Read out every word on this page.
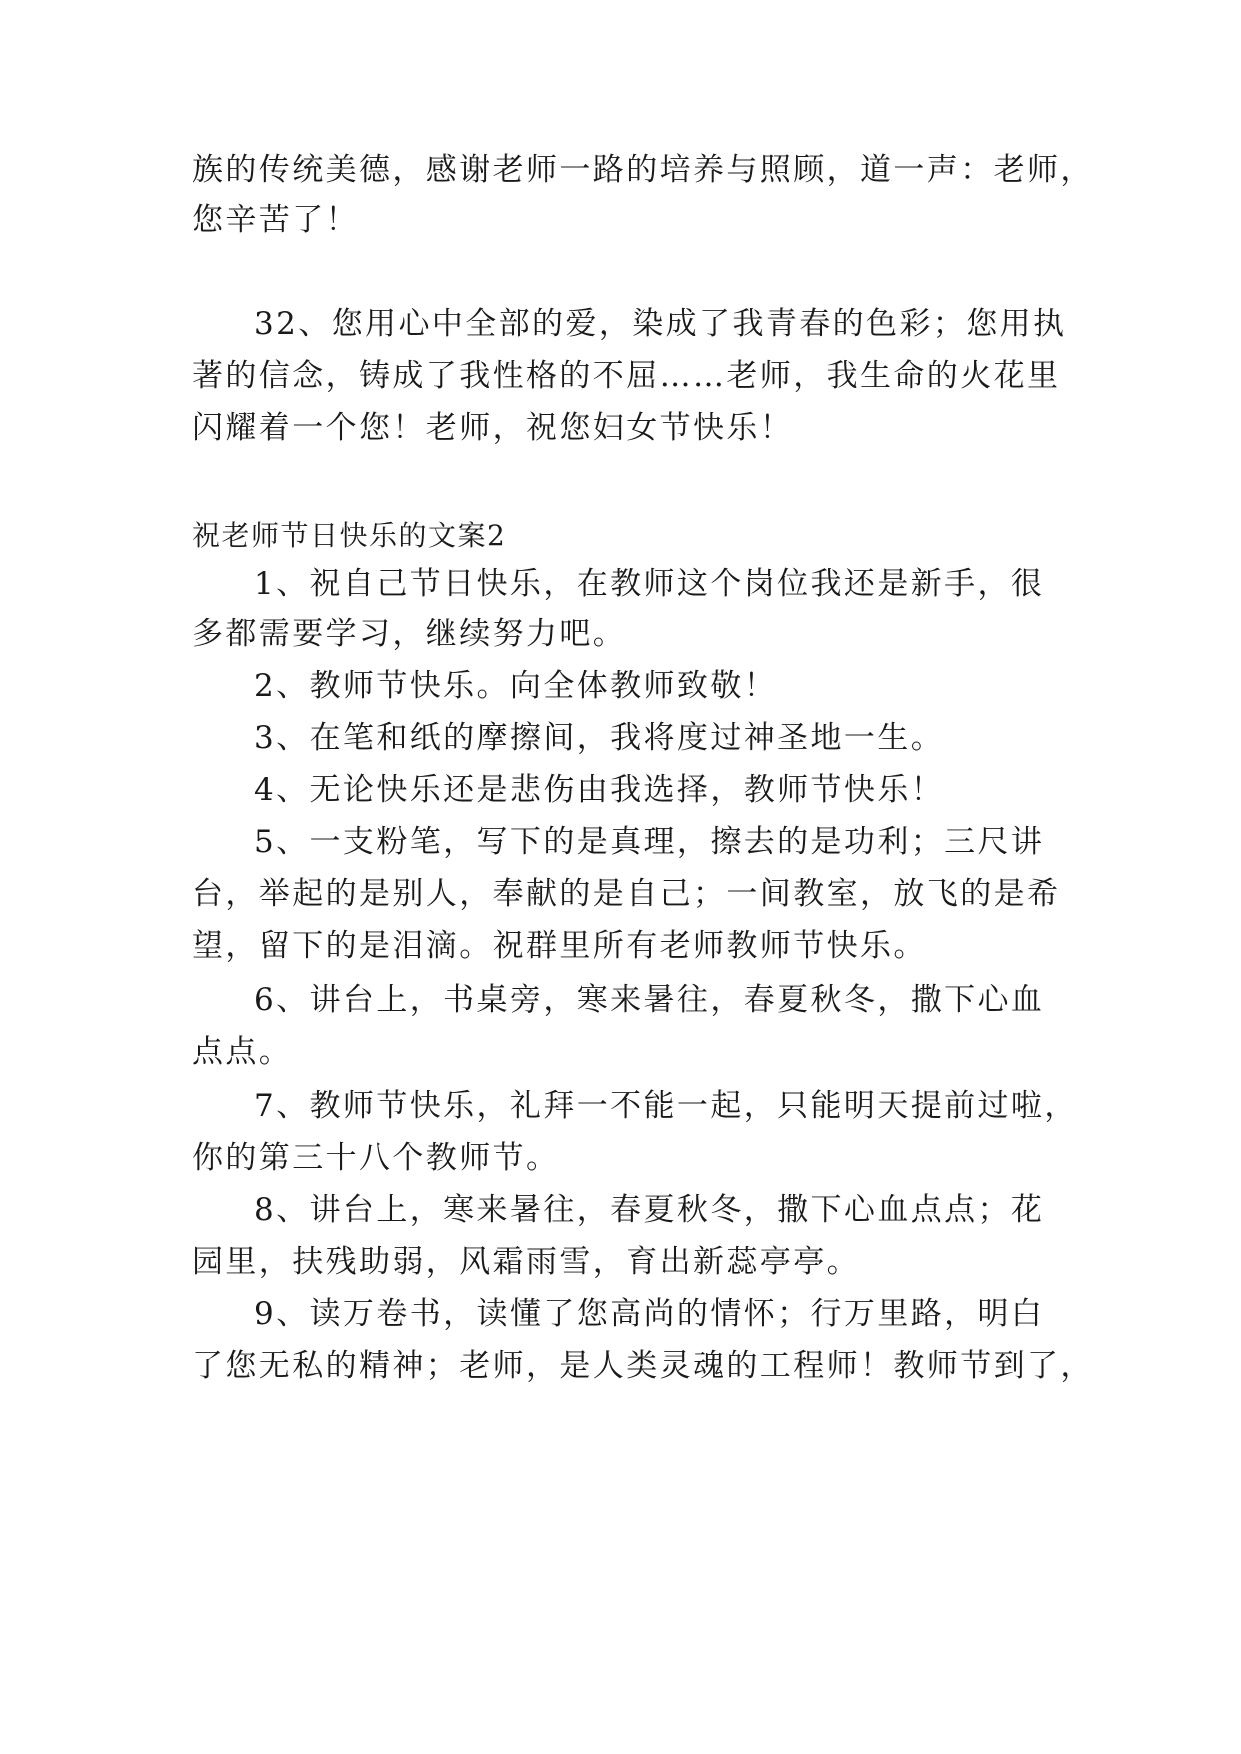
族的传统美德，感谢老师一路的培养与照顾，道一声：老师，
您辛苦了！
32、您用心中全部的爱，染成了我青春的色彩；您用执
著的信念，铸成了我性格的不屈……老师，我生命的火花里
闪耀着一个您！老师，祝您妇女节快乐！
祝老师节日快乐的文案2
1、祝自己节日快乐，在教师这个岗位我还是新手，很
多都需要学习，继续努力吧。
2、教师节快乐。向全体教师致敬！
3、在笔和纸的摩擦间，我将度过神圣地一生。
4、无论快乐还是悲伤由我选择，教师节快乐！
5、一支粉笔，写下的是真理，擦去的是功利；三尺讲
台，举起的是别人，奉献的是自己；一间教室，放飞的是希
望，留下的是泪滴。祝群里所有老师教师节快乐。
6、讲台上，书桌旁，寒来暑往，春夏秋冬，撒下心血
点点。
7、教师节快乐，礼拜一不能一起，只能明天提前过啦，
你的第三十八个教师节。
8、讲台上，寒来暑往，春夏秋冬，撒下心血点点；花
园里，扶残助弱，风霜雨雪，育出新蕊亭亭。
9、读万卷书，读懂了您高尚的情怀；行万里路，明白
了您无私的精神；老师，是人类灵魂的工程师！教师节到了，
